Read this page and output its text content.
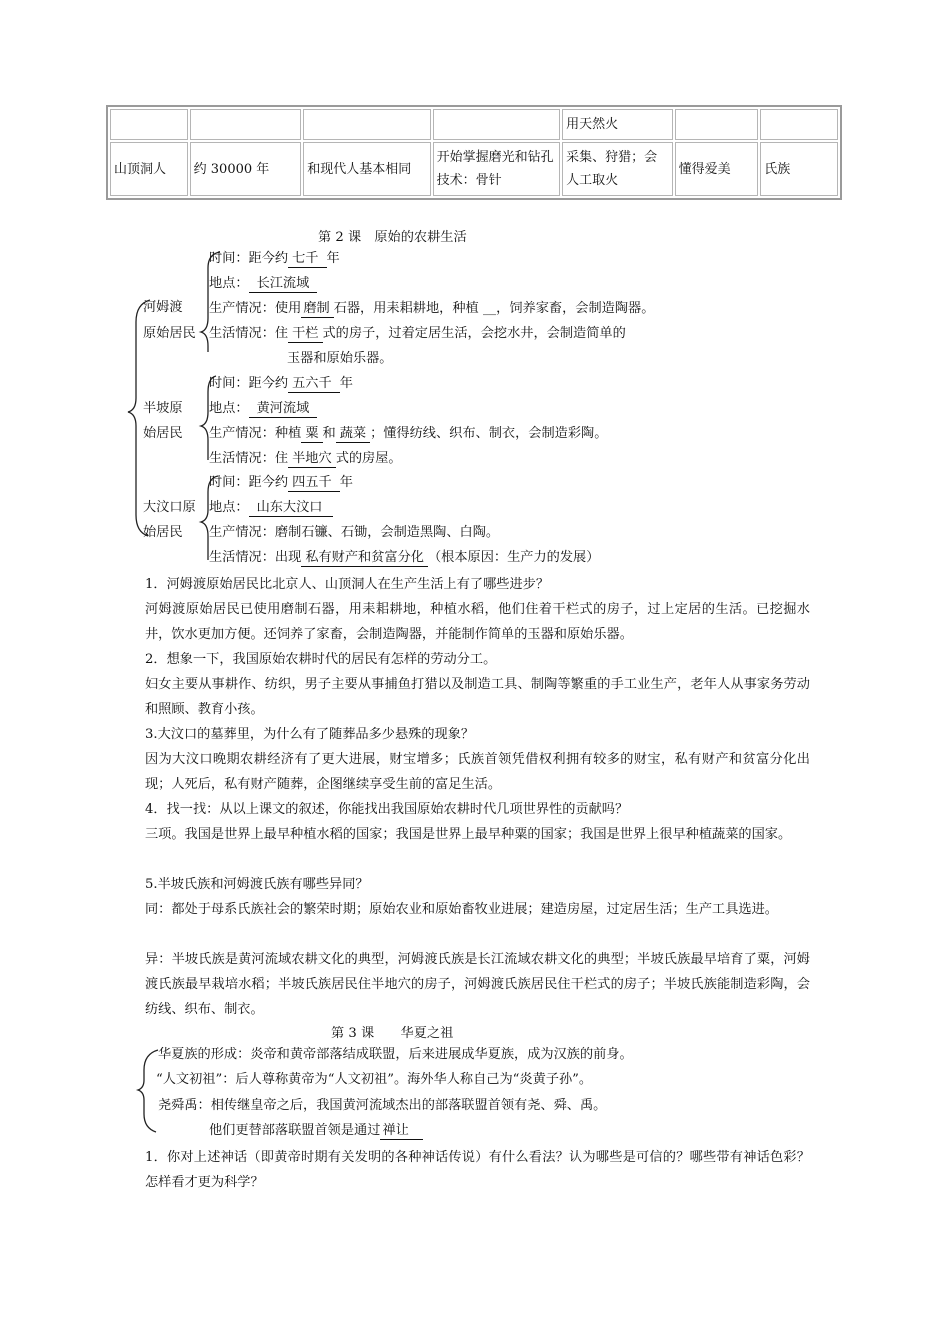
				用天然火		
山顶洞人	约 30000 年	和现代人基本相同	开始掌握磨光和钻孔技术：骨针	采集、狩猎；会人工取火	懂得爱美	氏族
第 2 课　原始的农耕生活
河姆渡
原始居民
时间：距今约 七千 年
地点： 长江流域
生产情况：使用 磨制 石器，用耒耜耕地，种植 __，饲养家畜，会制造陶器。
生活情况：住 干栏 式的房子，过着定居生活，会挖水井，会制造简单的
玉器和原始乐器。
半坡原
始居民
时间：距今约 五六千 年
地点： 黄河流域
生产情况：种植 粟 和 蔬菜 ；懂得纺线、织布、制衣，会制造彩陶。
生活情况：住 半地穴 式的房屋。
大汶口原
始居民
时间：距今约 四五千 年
地点： 山东大汶口
生产情况：磨制石镰、石锄，会制造黑陶、白陶。
生活情况：出现 私有财产和贫富分化 （根本原因：生产力的发展）
1．河姆渡原始居民比北京人、山顶洞人在生产生活上有了哪些进步？
河姆渡原始居民已使用磨制石器，用耒耜耕地，种植水稻，他们住着干栏式的房子，过上定居的生活。已挖掘水井，饮水更加方便。还饲养了家畜，会制造陶器，并能制作简单的玉器和原始乐器。
2．想象一下，我国原始农耕时代的居民有怎样的劳动分工。
妇女主要从事耕作、纺织，男子主要从事捕鱼打猎以及制造工具、制陶等繁重的手工业生产，老年人从事家务劳动和照顾、教育小孩。
3.大汶口的墓葬里，为什么有了随葬品多少悬殊的现象？
因为大汶口晚期农耕经济有了更大进展，财宝增多；氏族首领凭借权利拥有较多的财宝，私有财产和贫富分化出现；人死后，私有财产随葬，企图继续享受生前的富足生活。
4．找一找：从以上课文的叙述，你能找出我国原始农耕时代几项世界性的贡献吗？
三项。我国是世界上最早种植水稻的国家；我国是世界上最早种粟的国家；我国是世界上很早种植蔬菜的国家。
5.半坡氏族和河姆渡氏族有哪些异同？
同：都处于母系氏族社会的繁荣时期；原始农业和原始畜牧业进展；建造房屋，过定居生活；生产工具选进。
异：半坡氏族是黄河流域农耕文化的典型，河姆渡氏族是长江流域农耕文化的典型；半坡氏族最早培育了粟，河姆渡氏族最早栽培水稻；半坡氏族居民住半地穴的房子，河姆渡氏族居民住干栏式的房子；半坡氏族能制造彩陶，会纺线、织布、制衣。
第 3 课　　华夏之祖
华夏族的形成：炎帝和黄帝部落结成联盟，后来进展成华夏族，成为汉族的前身。
“人文初祖”：后人尊称黄帝为“人文初祖”。海外华人称自己为“炎黄子孙”。
尧舜禹：相传继皇帝之后，我国黄河流域杰出的部落联盟首领有尧、舜、禹。
他们更替部落联盟首领是通过 禅让
1．你对上述神话（即黄帝时期有关发明的各种神话传说）有什么看法？认为哪些是可信的？哪些带有神话色彩？怎样看才更为科学？
